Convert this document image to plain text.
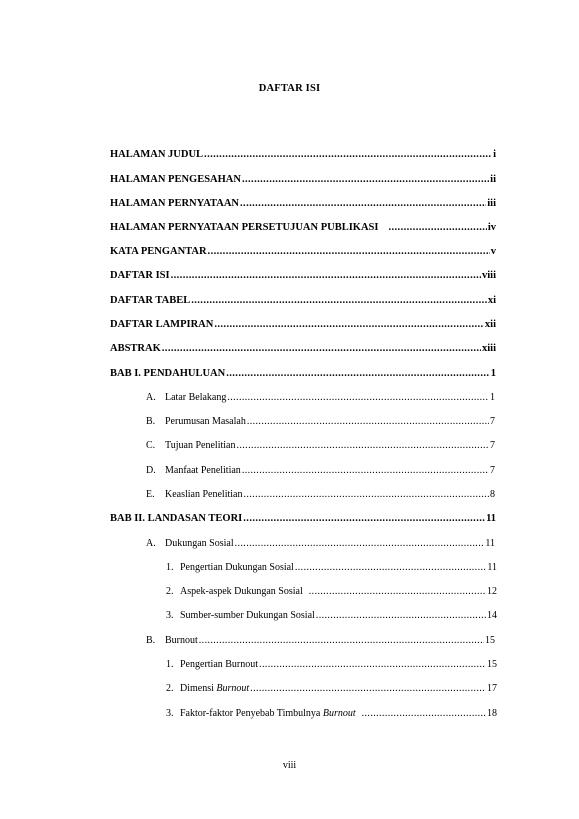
DAFTAR ISI
HALAMAN JUDUL .....	i
HALAMAN PENGESAHAN .....	ii
HALAMAN PERNYATAAN .....	iii
HALAMAN PERNYATAAN PERSETUJUAN PUBLIKASI .....	iv
KATA PENGANTAR .....	v
DAFTAR ISI .....	viii
DAFTAR TABEL .....	xi
DAFTAR LAMPIRAN .....	xii
ABSTRAK .....	xiii
BAB I. PENDAHULUAN .....	1
A. Latar Belakang .....	1
B. Perumusan Masalah .....	7
C. Tujuan Penelitian .....	7
D. Manfaat Penelitian .....	7
E. Keaslian Penelitian .....	8
BAB II. LANDASAN TEORI .....	11
A. Dukungan Sosial .....	11
1. Pengertian Dukungan Sosial .....	11
2. Aspek-aspek Dukungan Sosial .....	12
3. Sumber-sumber Dukungan Sosial .....	14
B. Burnout .....	15
1. Pengertian Burnout .....	15
2. Dimensi Burnout .....	17
3. Faktor-faktor Penyebab Timbulnya Burnout .....	18
viii
